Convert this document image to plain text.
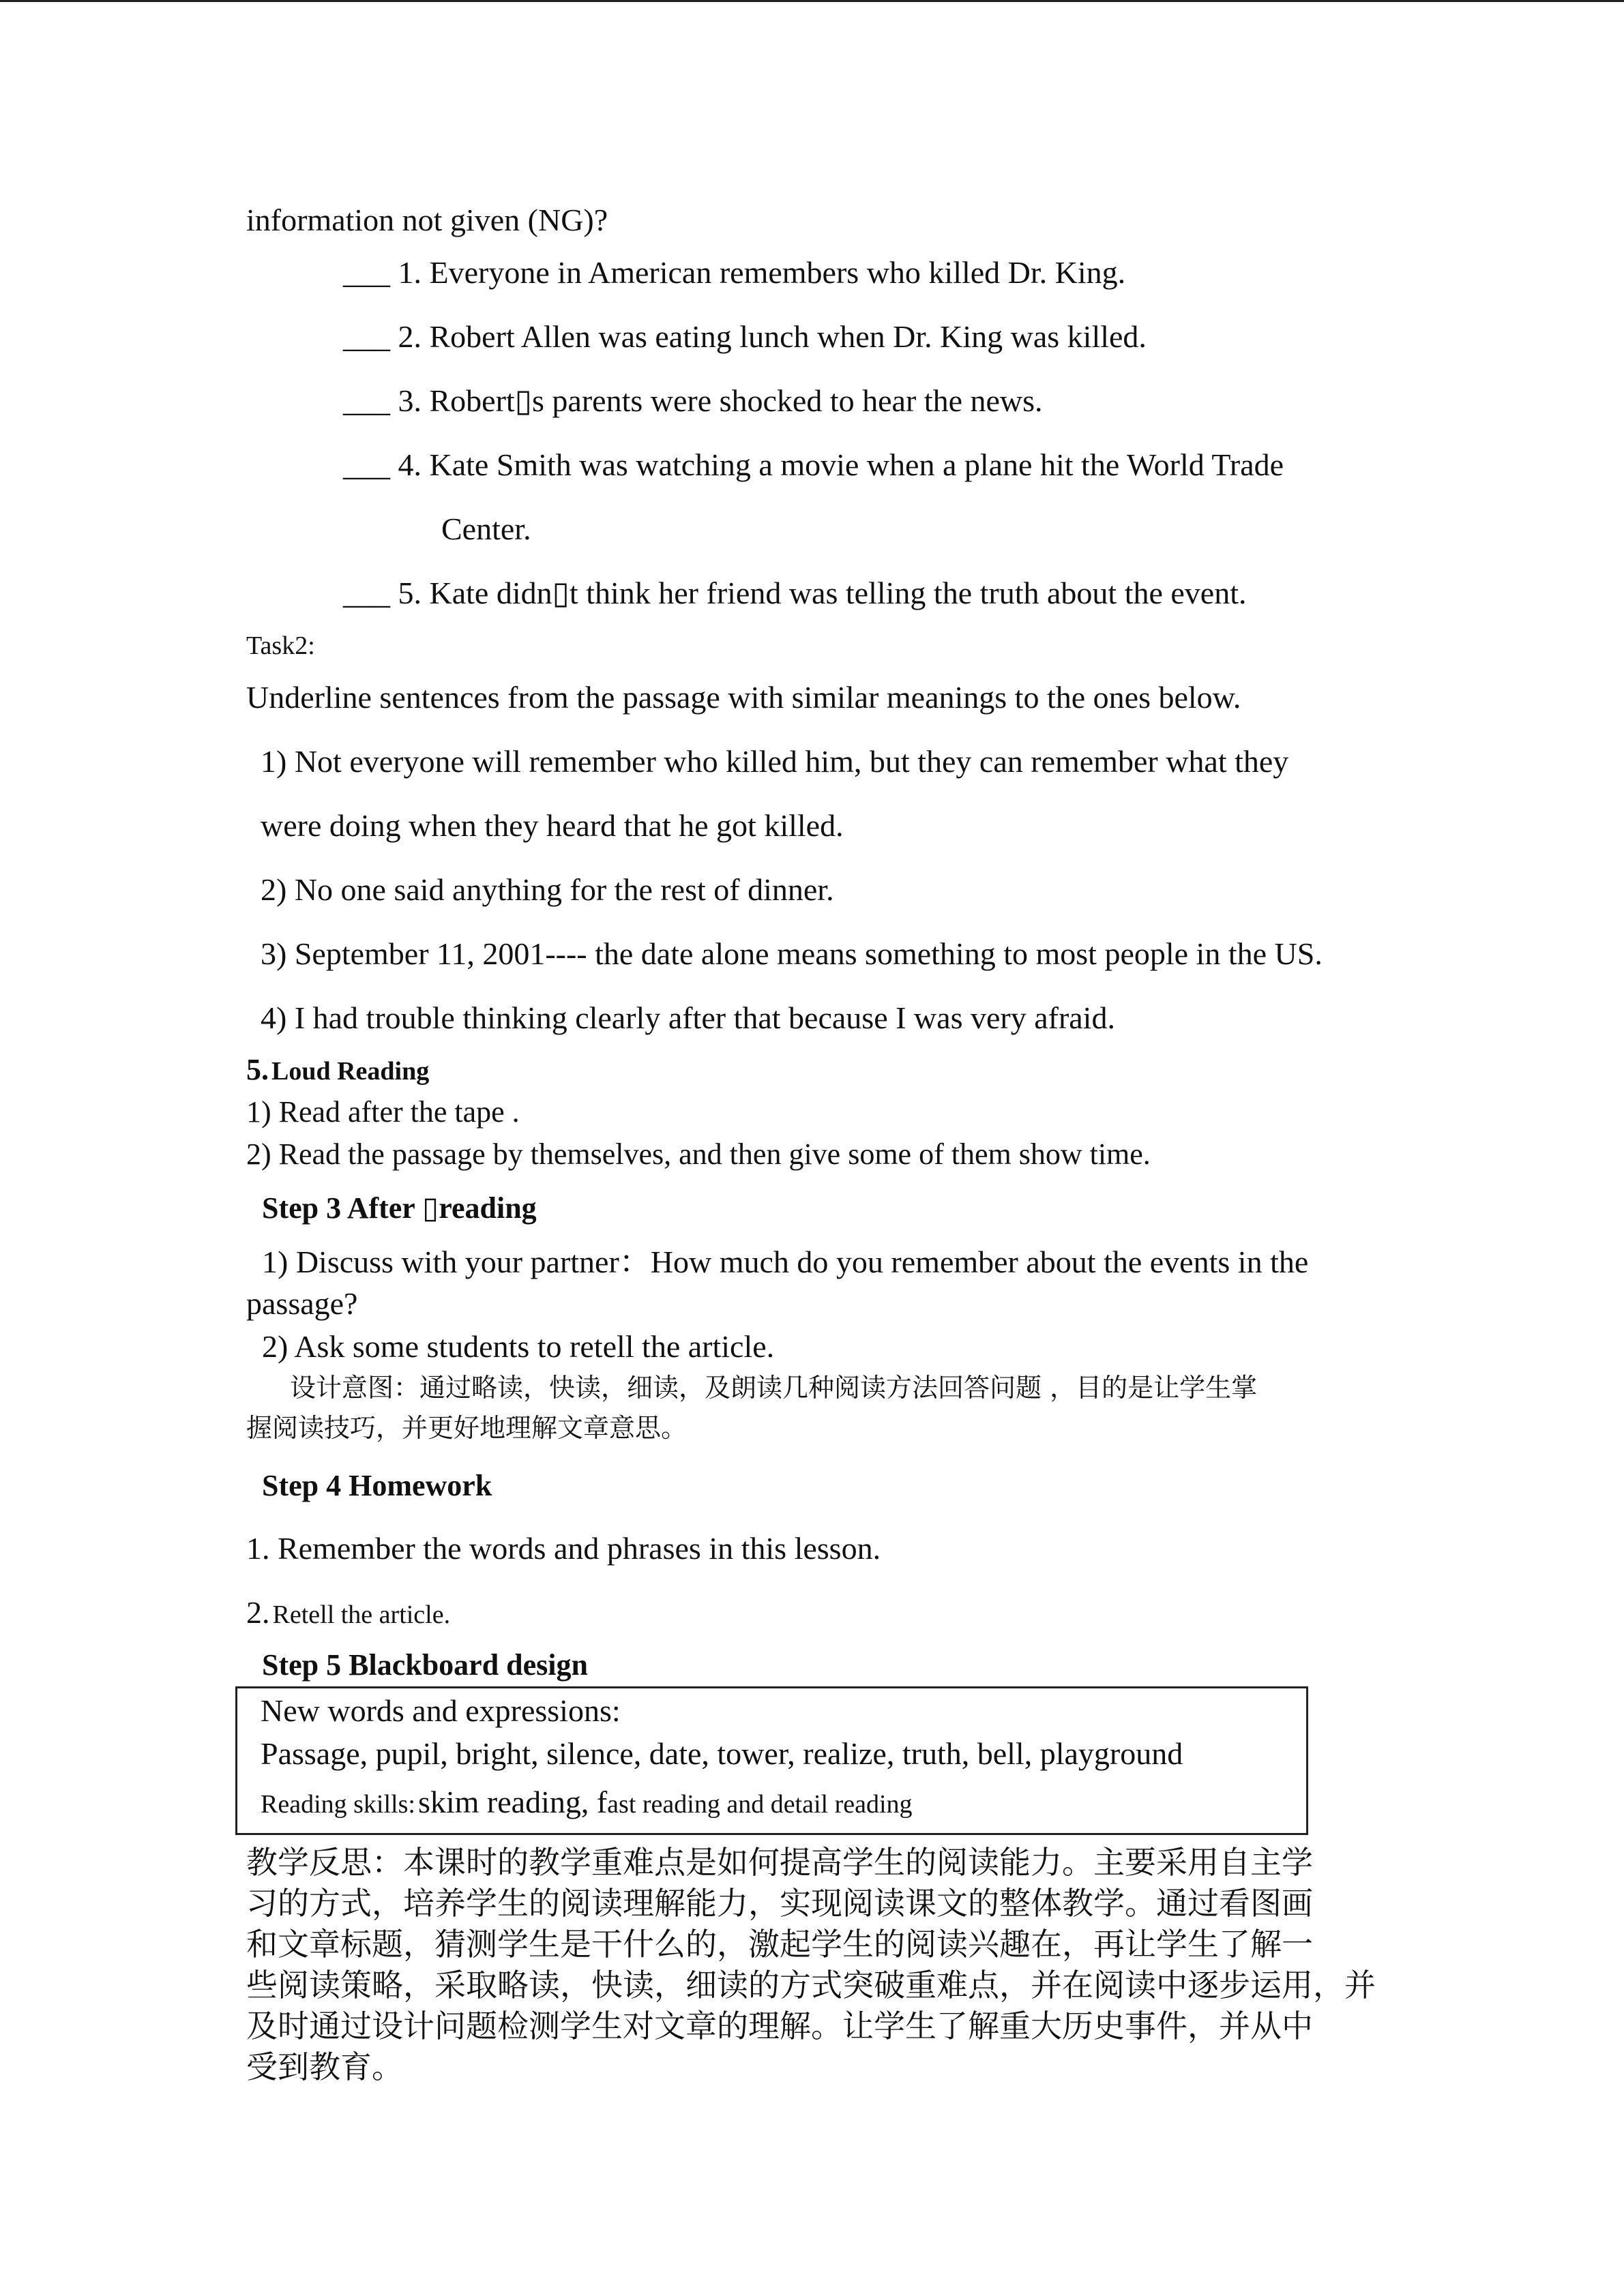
information not given (NG)?
___ 1. Everyone in American remembers who killed Dr. King.
___ 2. Robert Allen was eating lunch when Dr. King was killed.
___ 3. Robert▯s parents were shocked to hear the news.
___ 4. Kate Smith was watching a movie when a plane hit the World Trade
Center.
___ 5. Kate didn▯t think her friend was telling the truth about the event.
Task2:
Underline sentences from the passage with similar meanings to the ones below.
1) Not everyone will remember who killed him, but they can remember what they
were doing when they heard that he got killed.
2) No one said anything for the rest of dinner.
3) September 11, 2001---- the date alone means something to most people in the US.
4) I had trouble thinking clearly after that because I was very afraid.
5. Loud Reading
1) Read after the tape .
2) Read the passage by themselves, and then give some of them show time.
Step 3 After ▯reading
1) Discuss with your partner：How much do you remember about the events in the
passage?
2) Ask some students to retell the article.
设计意图：通过略读，快读，细读，及朗读几种阅读方法回答问题 ，目的是让学生掌
握阅读技巧，并更好地理解文章意思。
Step 4 Homework
1. Remember the words and phrases in this lesson.
2. Retell the article.
Step 5 Blackboard design
New words and expressions:
Passage, pupil, bright, silence, date, tower, realize, truth, bell, playground
Reading skills: skim reading, fast reading and detail reading
教学反思：本课时的教学重难点是如何提高学生的阅读能力。主要采用自主学
习的方式，培养学生的阅读理解能力，实现阅读课文的整体教学。通过看图画
和文章标题，猜测学生是干什么的，激起学生的阅读兴趣在，再让学生了解一
些阅读策略，采取略读，快读，细读的方式突破重难点，并在阅读中逐步运用，并
及时通过设计问题检测学生对文章的理解。让学生了解重大历史事件，并从中
受到教育。
